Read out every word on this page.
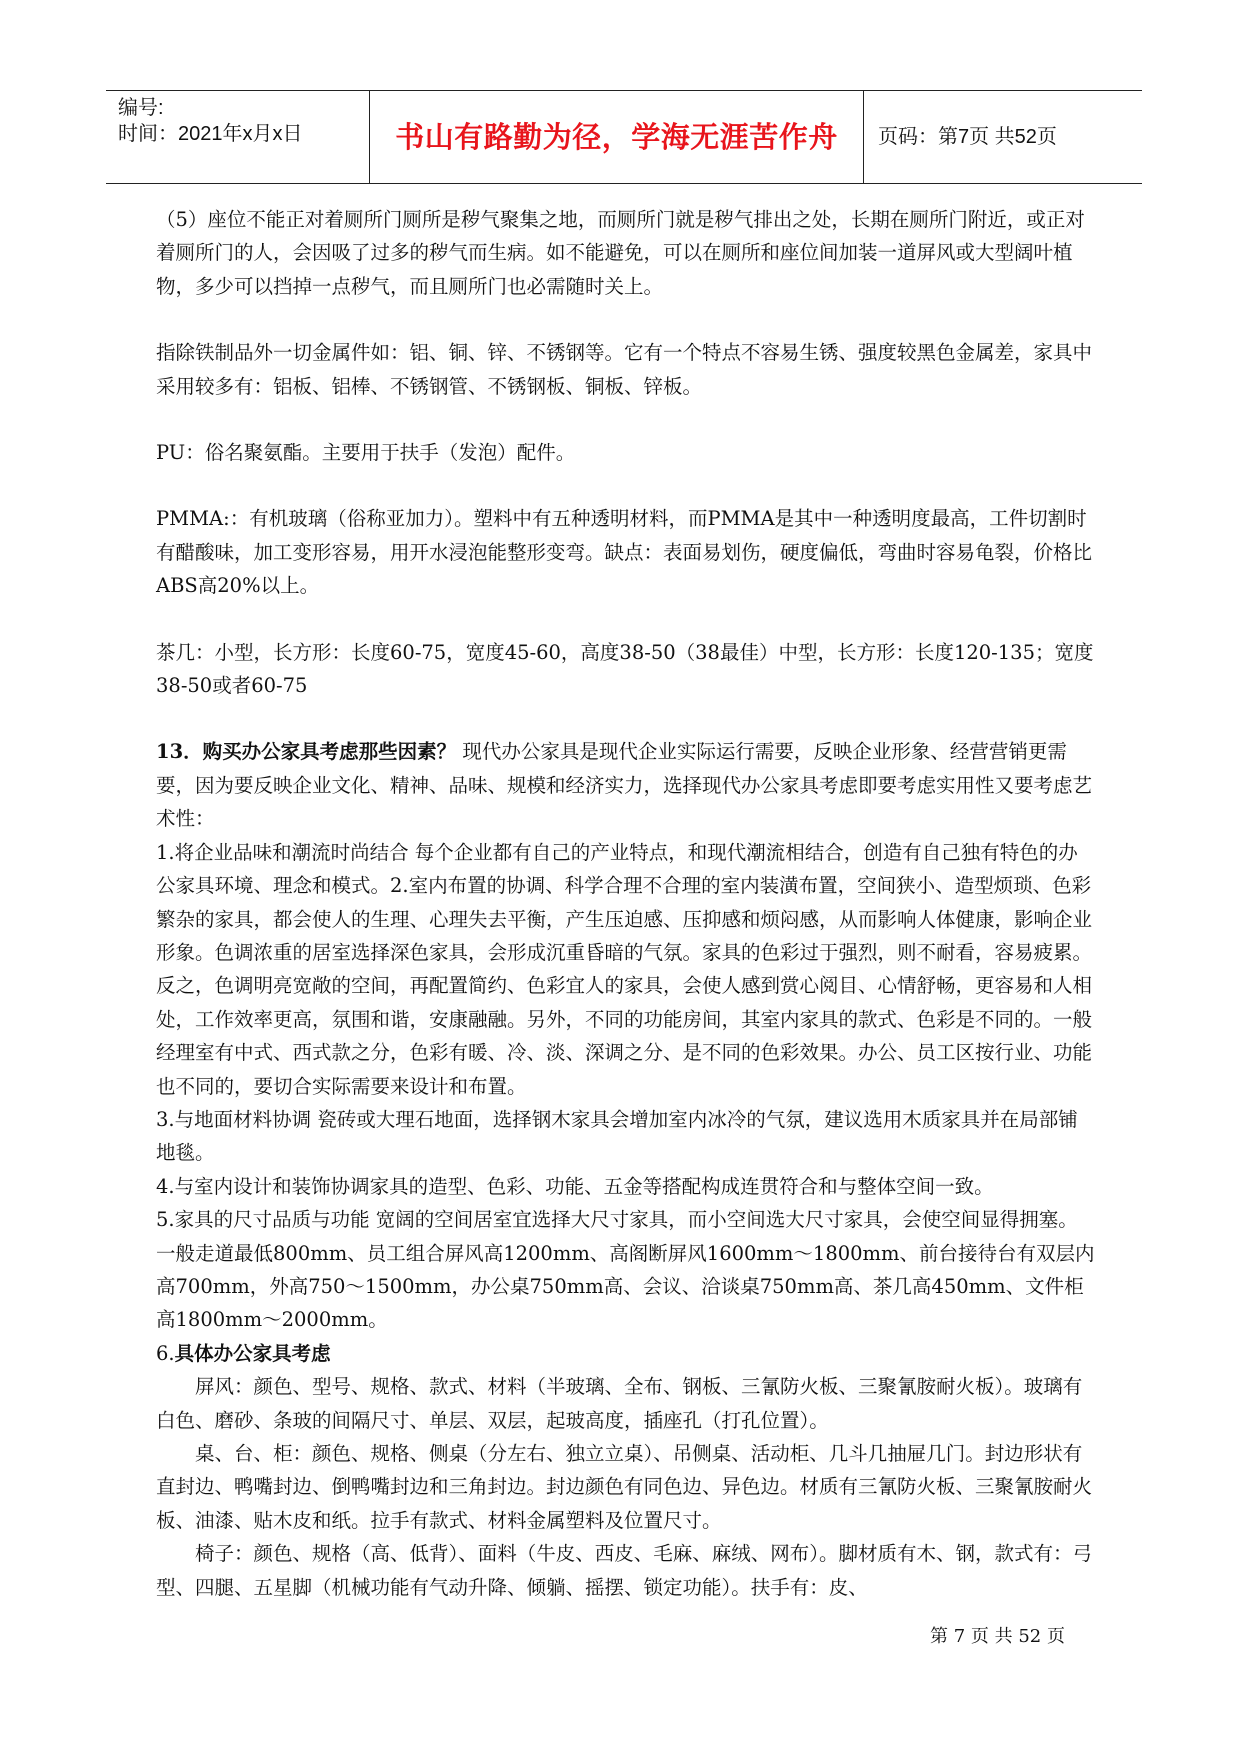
编号:
时间：2021年x月x日	书山有路勤为径，学海无涯苦作舟	页码：第7页 共52页

（5）座位不能正对着厕所门厕所是秽气聚集之地，而厕所门就是秽气排出之处，长期在厕所门附近，或正对着厕所门的人，会因吸了过多的秽气而生病。如不能避免，可以在厕所和座位间加装一道屏风或大型阔叶植物，多少可以挡掉一点秽气，而且厕所门也必需随时关上。

指除铁制品外一切金属件如：铝、铜、锌、不锈钢等。它有一个特点不容易生锈、强度较黑色金属差，家具中采用较多有：铝板、铝棒、不锈钢管、不锈钢板、铜板、锌板。

PU：俗名聚氨酯。主要用于扶手（发泡）配件。

PMMA:：有机玻璃（俗称亚加力）。塑料中有五种透明材料，而PMMA是其中一种透明度最高，工件切割时有醋酸味，加工变形容易，用开水浸泡能整形变弯。缺点：表面易划伤，硬度偏低，弯曲时容易龟裂，价格比ABS高20%以上。

茶几：小型，长方形：长度60-75，宽度45-60，高度38-50（38最佳）中型，长方形：长度120-135；宽度38-50或者60-75

13．购买办公家具考虑那些因素？ 现代办公家具是现代企业实际运行需要，反映企业形象、经营营销更需要，因为要反映企业文化、精神、品味、规模和经济实力，选择现代办公家具考虑即要考虑实用性又要考虑艺术性：

1.将企业品味和潮流时尚结合 每个企业都有自己的产业特点，和现代潮流相结合，创造有自己独有特色的办公家具环境、理念和模式。2.室内布置的协调、科学合理不合理的室内装潢布置，空间狭小、造型烦琐、色彩繁杂的家具，都会使人的生理、心理失去平衡，产生压迫感、压抑感和烦闷感，从而影响人体健康，影响企业形象。色调浓重的居室选择深色家具，会形成沉重昏暗的气氛。家具的色彩过于强烈，则不耐看，容易疲累。反之，色调明亮宽敞的空间，再配置简约、色彩宜人的家具，会使人感到赏心阅目、心情舒畅，更容易和人相处，工作效率更高，氛围和谐，安康融融。另外，不同的功能房间，其室内家具的款式、色彩是不同的。一般经理室有中式、西式款之分，色彩有暖、冷、淡、深调之分、是不同的色彩效果。办公、员工区按行业、功能也不同的，要切合实际需要来设计和布置。

3.与地面材料协调 瓷砖或大理石地面，选择钢木家具会增加室内冰冷的气氛，建议选用木质家具并在局部铺地毯。

4.与室内设计和装饰协调家具的造型、色彩、功能、五金等搭配构成连贯符合和与整体空间一致。

5.家具的尺寸品质与功能 宽阔的空间居室宜选择大尺寸家具，而小空间选大尺寸家具，会使空间显得拥塞。一般走道最低800mm、员工组合屏风高1200mm、高阁断屏风1600mm～1800mm、前台接待台有双层内高700mm，外高750～1500mm，办公桌750mm高、会议、洽谈桌750mm高、茶几高450mm、文件柜高1800mm～2000mm。

6.具体办公家具考虑

屏风：颜色、型号、规格、款式、材料（半玻璃、全布、钢板、三氰防火板、三聚氰胺耐火板）。玻璃有白色、磨砂、条玻的间隔尺寸、单层、双层，起玻高度，插座孔（打孔位置）。

桌、台、柜：颜色、规格、侧桌（分左右、独立立桌）、吊侧桌、活动柜、几斗几抽屉几门。封边形状有直封边、鸭嘴封边、倒鸭嘴封边和三角封边。封边颜色有同色边、异色边。材质有三氰防火板、三聚氰胺耐火板、油漆、贴木皮和纸。拉手有款式、材料金属塑料及位置尺寸。

椅子：颜色、规格（高、低背）、面料（牛皮、西皮、毛麻、麻绒、网布）。脚材质有木、钢，款式有：弓型、四腿、五星脚（机械功能有气动升降、倾躺、摇摆、锁定功能）。扶手有：皮、

第 7 页 共 52 页
